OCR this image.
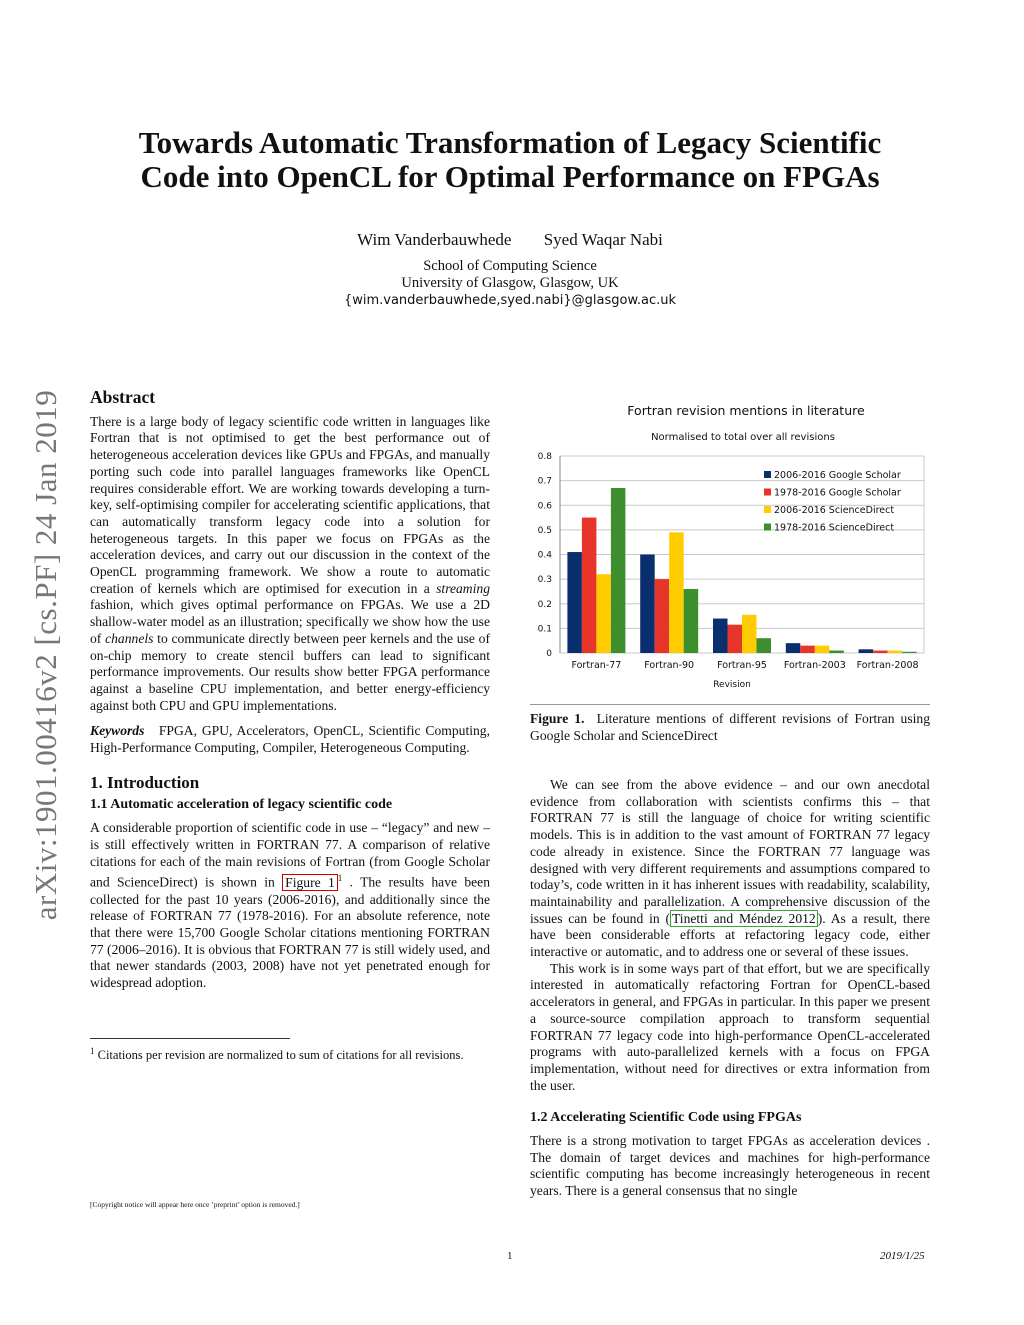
arXiv:1901.00416v2 [cs.PF] 24 Jan 2019
Towards Automatic Transformation of Legacy Scientific
Code into OpenCL for Optimal Performance on FPGAs
Wim Vanderbauwhede Syed Waqar Nabi
School of Computing Science
University of Glasgow, Glasgow, UK
{wim.vanderbauwhede,syed.nabi}@glasgow.ac.uk
Abstract

There is a large body of legacy scientific code written in languages like Fortran that is not optimised to get the best performance out of heterogeneous acceleration devices like GPUs and FPGAs, and manually porting such code into parallel languages frameworks like OpenCL requires considerable effort. We are working towards developing a turn-key, self-optimising compiler for accelerating scientific applications, that can automatically transform legacy code into a solution for heterogeneous targets. In this paper we focus on FPGAs as the acceleration devices, and carry out our discussion in the context of the OpenCL programming framework. We show a route to automatic creation of kernels which are optimised for execution in a streaming fashion, which gives optimal performance on FPGAs. We use a 2D shallow-water model as an illustration; specifically we show how the use of channels to communicate directly between peer kernels and the use of on-chip memory to create stencil buffers can lead to significant performance improvements. Our results show better FPGA performance against a baseline CPU implementation, and better energy-efficiency against both CPU and GPU implementations.

Keywords FPGA, GPU, Accelerators, OpenCL, Scientific Computing, High-Performance Computing, Compiler, Heterogeneous Computing.

1. Introduction

1.1 Automatic acceleration of legacy scientific code

A considerable proportion of scientific code in use – “legacy” and new – is still effectively written in FORTRAN 77. A comparison of relative citations for each of the main revisions of Fortran (from Google Scholar and ScienceDirect) is shown in Figure 1 $^1$ . The results have been collected for the past 10 years (2006-2016), and additionally since the release of FORTRAN 77 (1978-2016). For an absolute reference, note that there were 15,700 Google Scholar citations mentioning FORTRAN 77 (2006–2016). It is obvious that FORTRAN 77 is still widely used, and that newer standards (2003, 2008) have not yet penetrated enough for widespread adoption.

$^1$ Citations per revision are normalized to sum of citations for all revisions.
[Copyright notice will appear here once ’preprint’ option is removed.]
Fortran revision mentions in literature
Normalised to total over all revisions
0
0.1
0.2
0.3
0.4
0.5
0.6
0.7
0.8
Fortran-77 Fortran-90 Fortran-95 Fortran-2003 Fortran-2008
2006-2016 Google Scholar
1978-2016 Google Scholar
2006-2016 ScienceDirect
1978-2016 ScienceDirect
Revision
Figure 1. Literature mentions of different revisions of Fortran using Google Scholar and ScienceDirect

We can see from the above evidence – and our own anecdotal evidence from collaboration with scientists confirms this – that FORTRAN 77 is still the language of choice for writing scientific models. This is in addition to the vast amount of FORTRAN 77 legacy code already in existence. Since the FORTRAN 77 language was designed with very different requirements and assumptions compared to today’s, code written in it has inherent issues with readability, scalability, maintainability and parallelization. A comprehensive discussion of the issues can be found in ( Tinetti and Méndez 2012 ). As a result, there have been considerable efforts at refactoring legacy code, either interactive or automatic, and to address one or several of these issues.

This work is in some ways part of that effort, but we are specifically interested in automatically refactoring Fortran for OpenCL-based accelerators in general, and FPGAs in particular. In this paper we present a source-source compilation approach to transform sequential FORTRAN 77 legacy code into high-performance OpenCL-accelerated programs with auto-parallelized kernels with a focus on FPGA implementation, without need for directives or extra information from the user.

1.2 Accelerating Scientific Code using FPGAs

There is a strong motivation to target FPGAs as acceleration devices . The domain of target devices and machines for high-performance scientific computing has become increasingly heterogeneous in recent years. There is a general consensus that no single

1	2019/1/25
